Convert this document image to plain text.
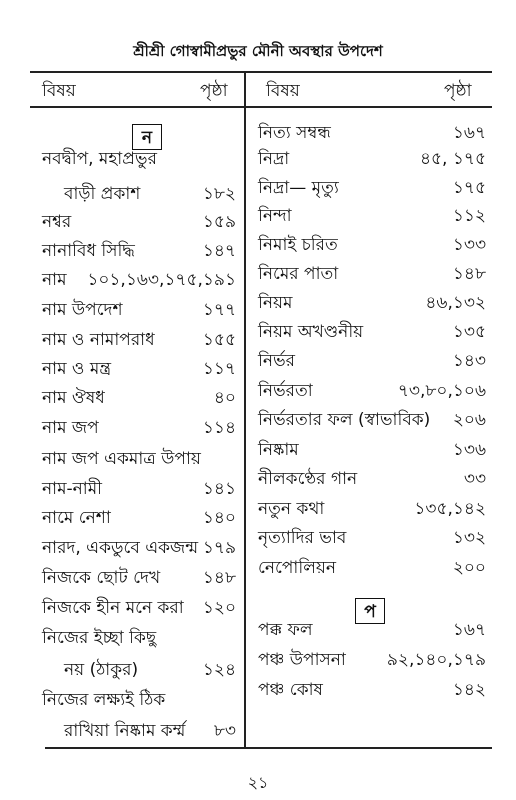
শ্রীশ্রী গোস্বামীপ্রভুর মৌনী অবস্থার উপদেশ
বিষয়	পৃষ্ঠা বিষয়	পৃষ্ঠা
ন
প
নবদ্বীপ, মহাপ্রভুর
বাড়ী প্রকাশ	১৮২
নশ্বর	১৫৯
নানাবিধ সিদ্ধি	১৪৭
নাম ১০১,১৬৩,১৭৫,১৯১
নাম উপদেশ	১৭৭
নাম ও নামাপরাধ	১৫৫
নাম ও মন্ত্র	১১৭
নাম ঔষধ	৪০
নাম জপ	১১৪
নাম জপ একমাত্র উপায়
নাম-নামী	১৪১
নামে নেশা	১৪০
নারদ, একডুবে একজন্ম ১৭৯
নিজকে ছোট দেখ	১৪৮
নিজকে হীন মনে করা ১২০
নিজের ইচ্ছা কিছু
নয় (ঠাকুর)	১২৪
নিজের লক্ষ্যই ঠিক
রাখিয়া নিষ্কাম কর্ম্ম ৮৩
নিত্য সম্বন্ধ	১৬৭
নিদ্রা	৪৫, ১৭৫
নিদ্রা— মৃত্যু	১৭৫
নিন্দা	১১২
নিমাই চরিত	১৩৩
নিমের পাতা	১৪৮
নিয়ম	৪৬,১৩২
নিয়ম অখণ্ডনীয়	১৩৫
নির্ভর	১৪৩
নির্ভরতা	৭৩,৮০,১০৬
নির্ভরতার ফল (স্বাভাবিক) ২০৬
নিষ্কাম	১৩৬
নীলকণ্ঠের গান	৩৩
নতুন কথা	১৩৫,১৪২
নৃত্যাদির ভাব	১৩২
নেপোলিয়ন	২০০
পক্ক ফল	১৬৭
পঞ্চ উপাসনা ৯২,১৪০,১৭৯
পঞ্চ কোষ	১৪২
২১
